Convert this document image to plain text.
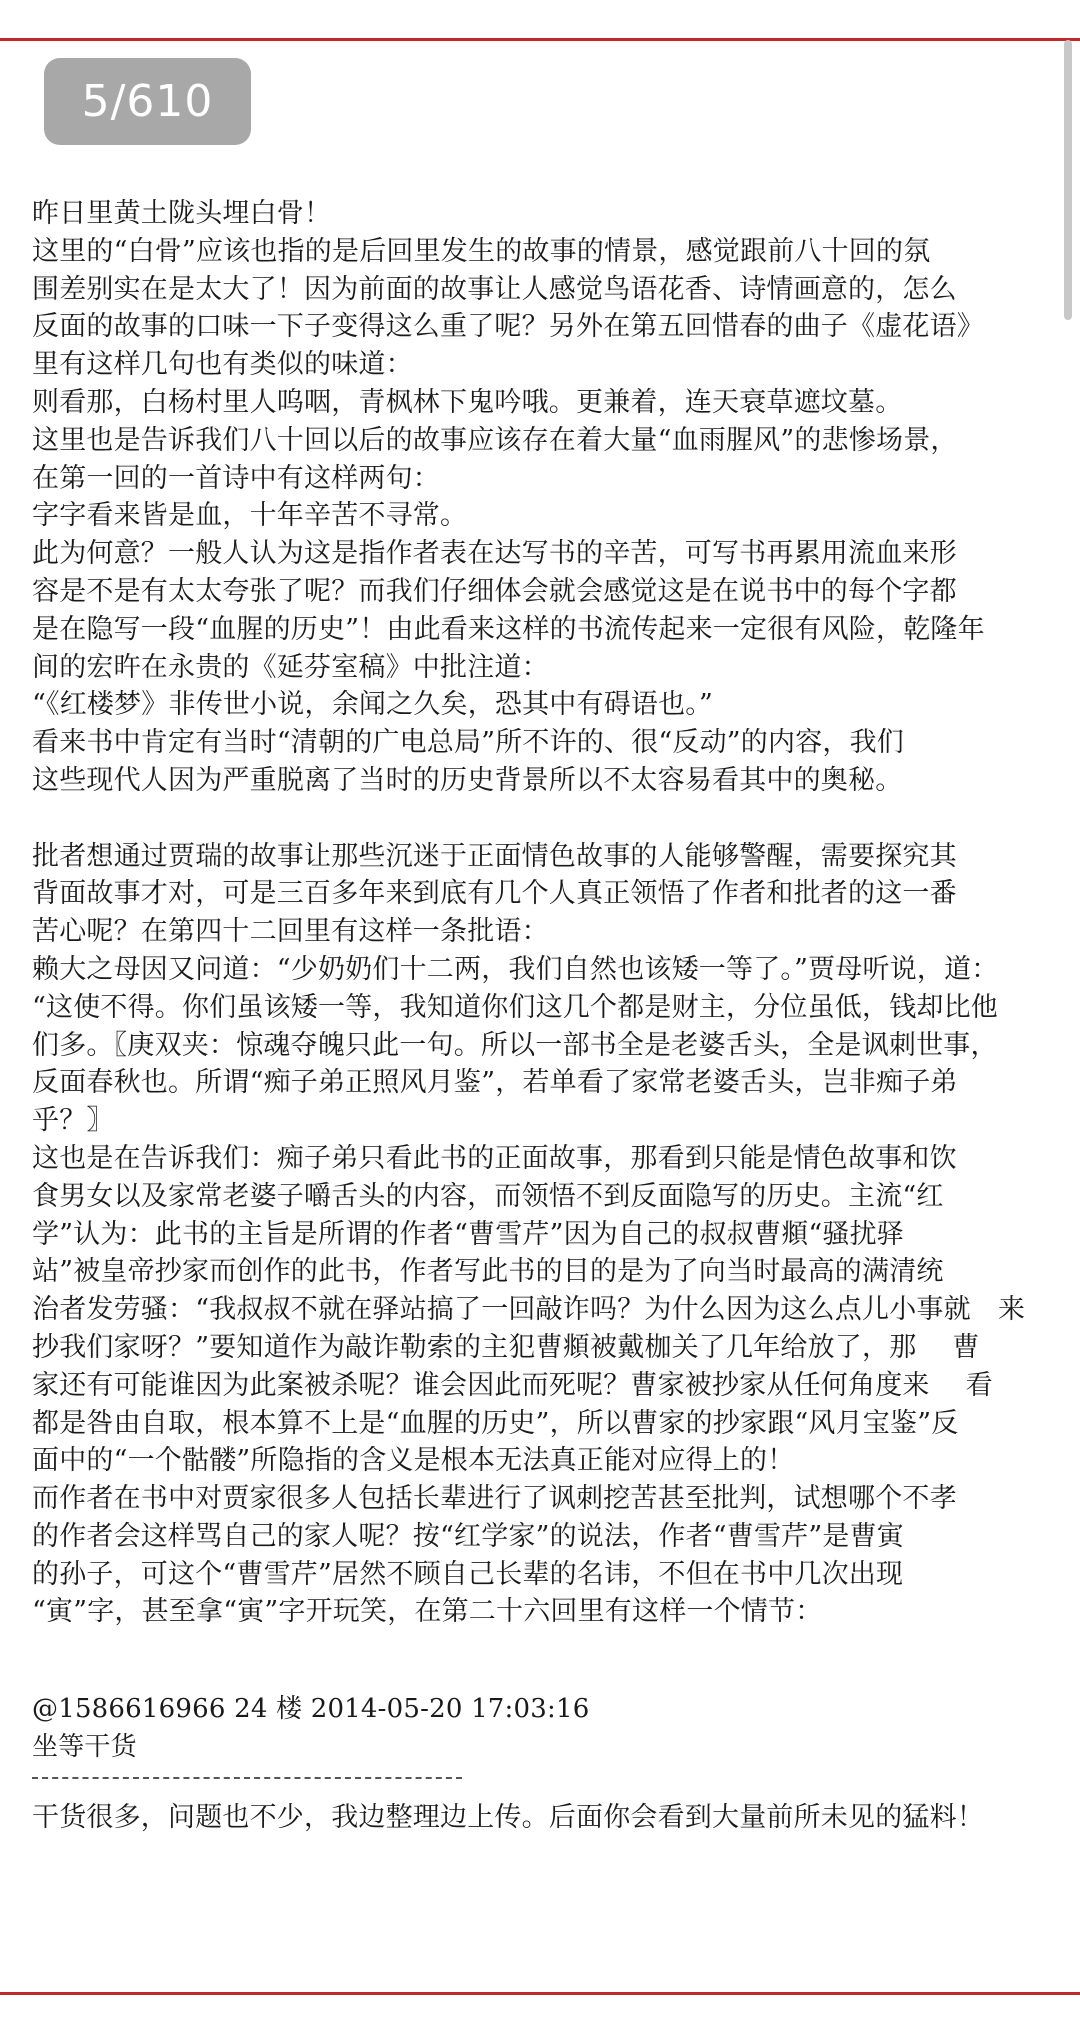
5/610
昨日里黄土陇头埋白骨！
这里的“白骨”应该也指的是后回里发生的故事的情景，感觉跟前八十回的氛
围差别实在是太大了！因为前面的故事让人感觉鸟语花香、诗情画意的，怎么
反面的故事的口味一下子变得这么重了呢？另外在第五回惜春的曲子《虚花语》
里有这样几句也有类似的味道：
则看那，白杨村里人呜咽，青枫林下鬼吟哦。更兼着，连天衰草遮坟墓。
这里也是告诉我们八十回以后的故事应该存在着大量“血雨腥风”的悲惨场景，
在第一回的一首诗中有这样两句：
字字看来皆是血，十年辛苦不寻常。
此为何意？一般人认为这是指作者表在达写书的辛苦，可写书再累用流血来形
容是不是有太太夸张了呢？而我们仔细体会就会感觉这是在说书中的每个字都
是在隐写一段“血腥的历史”！由此看来这样的书流传起来一定很有风险，乾隆年
间的宏旿在永贵的《延芬室稿》中批注道：
“《红楼梦》非传世小说，余闻之久矣，恐其中有碍语也。”
看来书中肯定有当时“清朝的广电总局”所不许的、很“反动”的内容，我们
这些现代人因为严重脱离了当时的历史背景所以不太容易看其中的奥秘。
批者想通过贾瑞的故事让那些沉迷于正面情色故事的人能够警醒，需要探究其
背面故事才对，可是三百多年来到底有几个人真正领悟了作者和批者的这一番
苦心呢？在第四十二回里有这样一条批语：
赖大之母因又问道：“少奶奶们十二两，我们自然也该矮一等了。”贾母听说，道：
“这使不得。你们虽该矮一等，我知道你们这几个都是财主，分位虽低，钱却比他
们多。〖庚双夹：惊魂夺魄只此一句。所以一部书全是老婆舌头，全是讽刺世事，
反面春秋也。所谓“痴子弟正照风月鉴”，若单看了家常老婆舌头，岂非痴子弟
乎？〗
这也是在告诉我们：痴子弟只看此书的正面故事，那看到只能是情色故事和饮
食男女以及家常老婆子嚼舌头的内容，而领悟不到反面隐写的历史。主流“红
学”认为：此书的主旨是所谓的作者“曹雪芹”因为自己的叔叔曹頫“骚扰驿
站”被皇帝抄家而创作的此书，作者写此书的目的是为了向当时最高的满清统
治者发劳骚：“我叔叔不就在驿站搞了一回敲诈吗？为什么因为这么点儿小事就　来
抄我们家呀？”要知道作为敲诈勒索的主犯曹頫被戴枷关了几年给放了，那　 曹
家还有可能谁因为此案被杀呢？谁会因此而死呢？曹家被抄家从任何角度来　 看
都是咎由自取，根本算不上是“血腥的历史”，所以曹家的抄家跟“风月宝鉴”反
面中的“一个骷髅”所隐指的含义是根本无法真正能对应得上的！
而作者在书中对贾家很多人包括长辈进行了讽刺挖苦甚至批判，试想哪个不孝
的作者会这样骂自己的家人呢？按“红学家”的说法，作者“曹雪芹”是曹寅
的孙子，可这个“曹雪芹”居然不顾自己长辈的名讳，不但在书中几次出现
“寅”字，甚至拿“寅”字开玩笑，在第二十六回里有这样一个情节：
@1586616966 24 楼 2014-05-20 17:03:16
坐等干货
干货很多，问题也不少，我边整理边上传。后面你会看到大量前所未见的猛料！
